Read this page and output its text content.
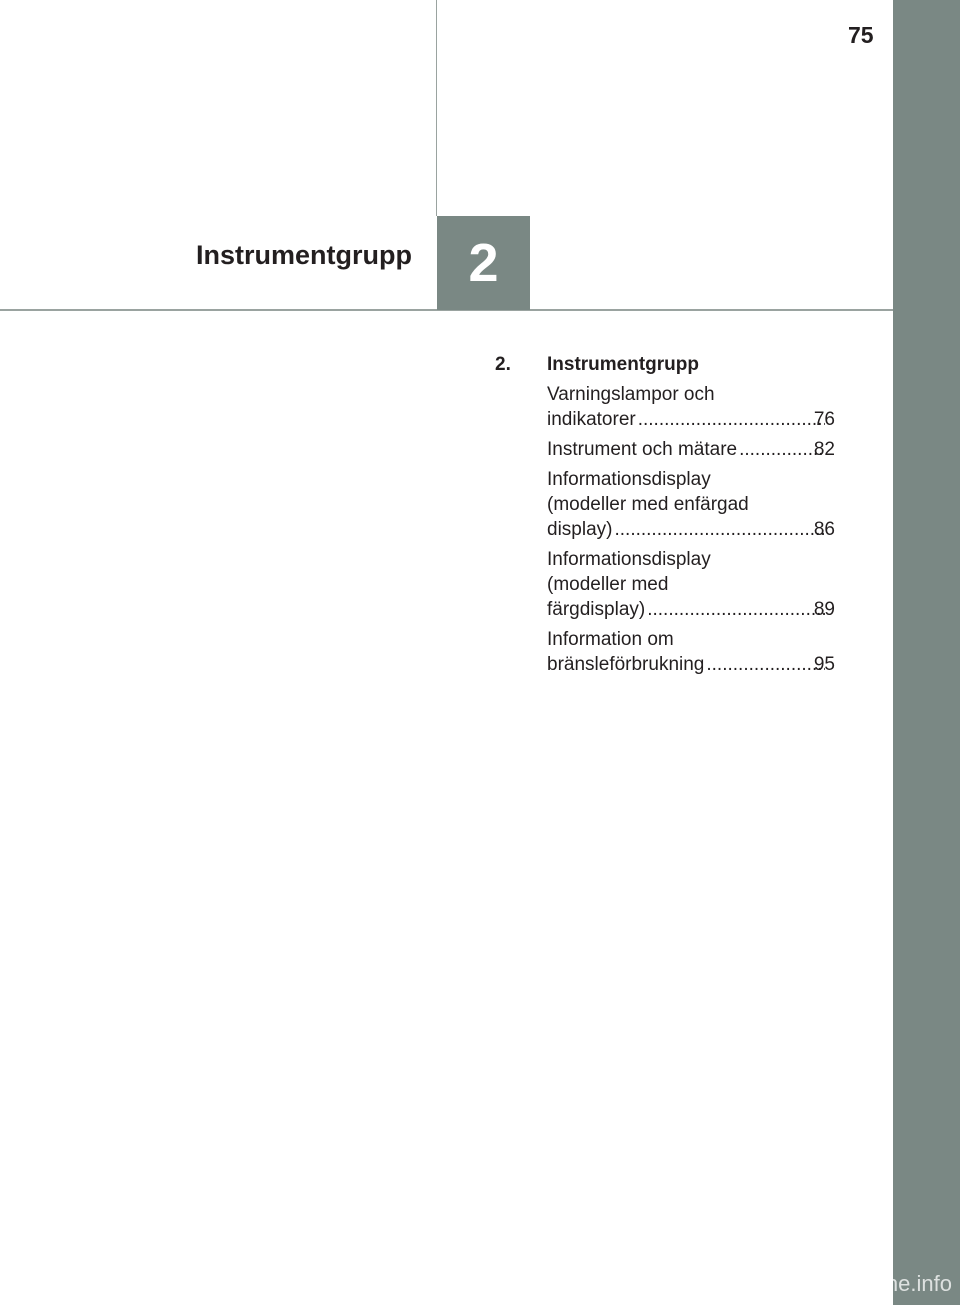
75
Instrumentgrupp 2
2.	Instrumentgrupp
Varningslampor och
indikatorer .....	76
Instrument och mätare .....	82
Informationsdisplay
(modeller med enfärgad
display) .....	86
Informationsdisplay
(modeller med
färgdisplay) .....	89
Information om
bränsleförbrukning .....	95
carmanualsonline.info
